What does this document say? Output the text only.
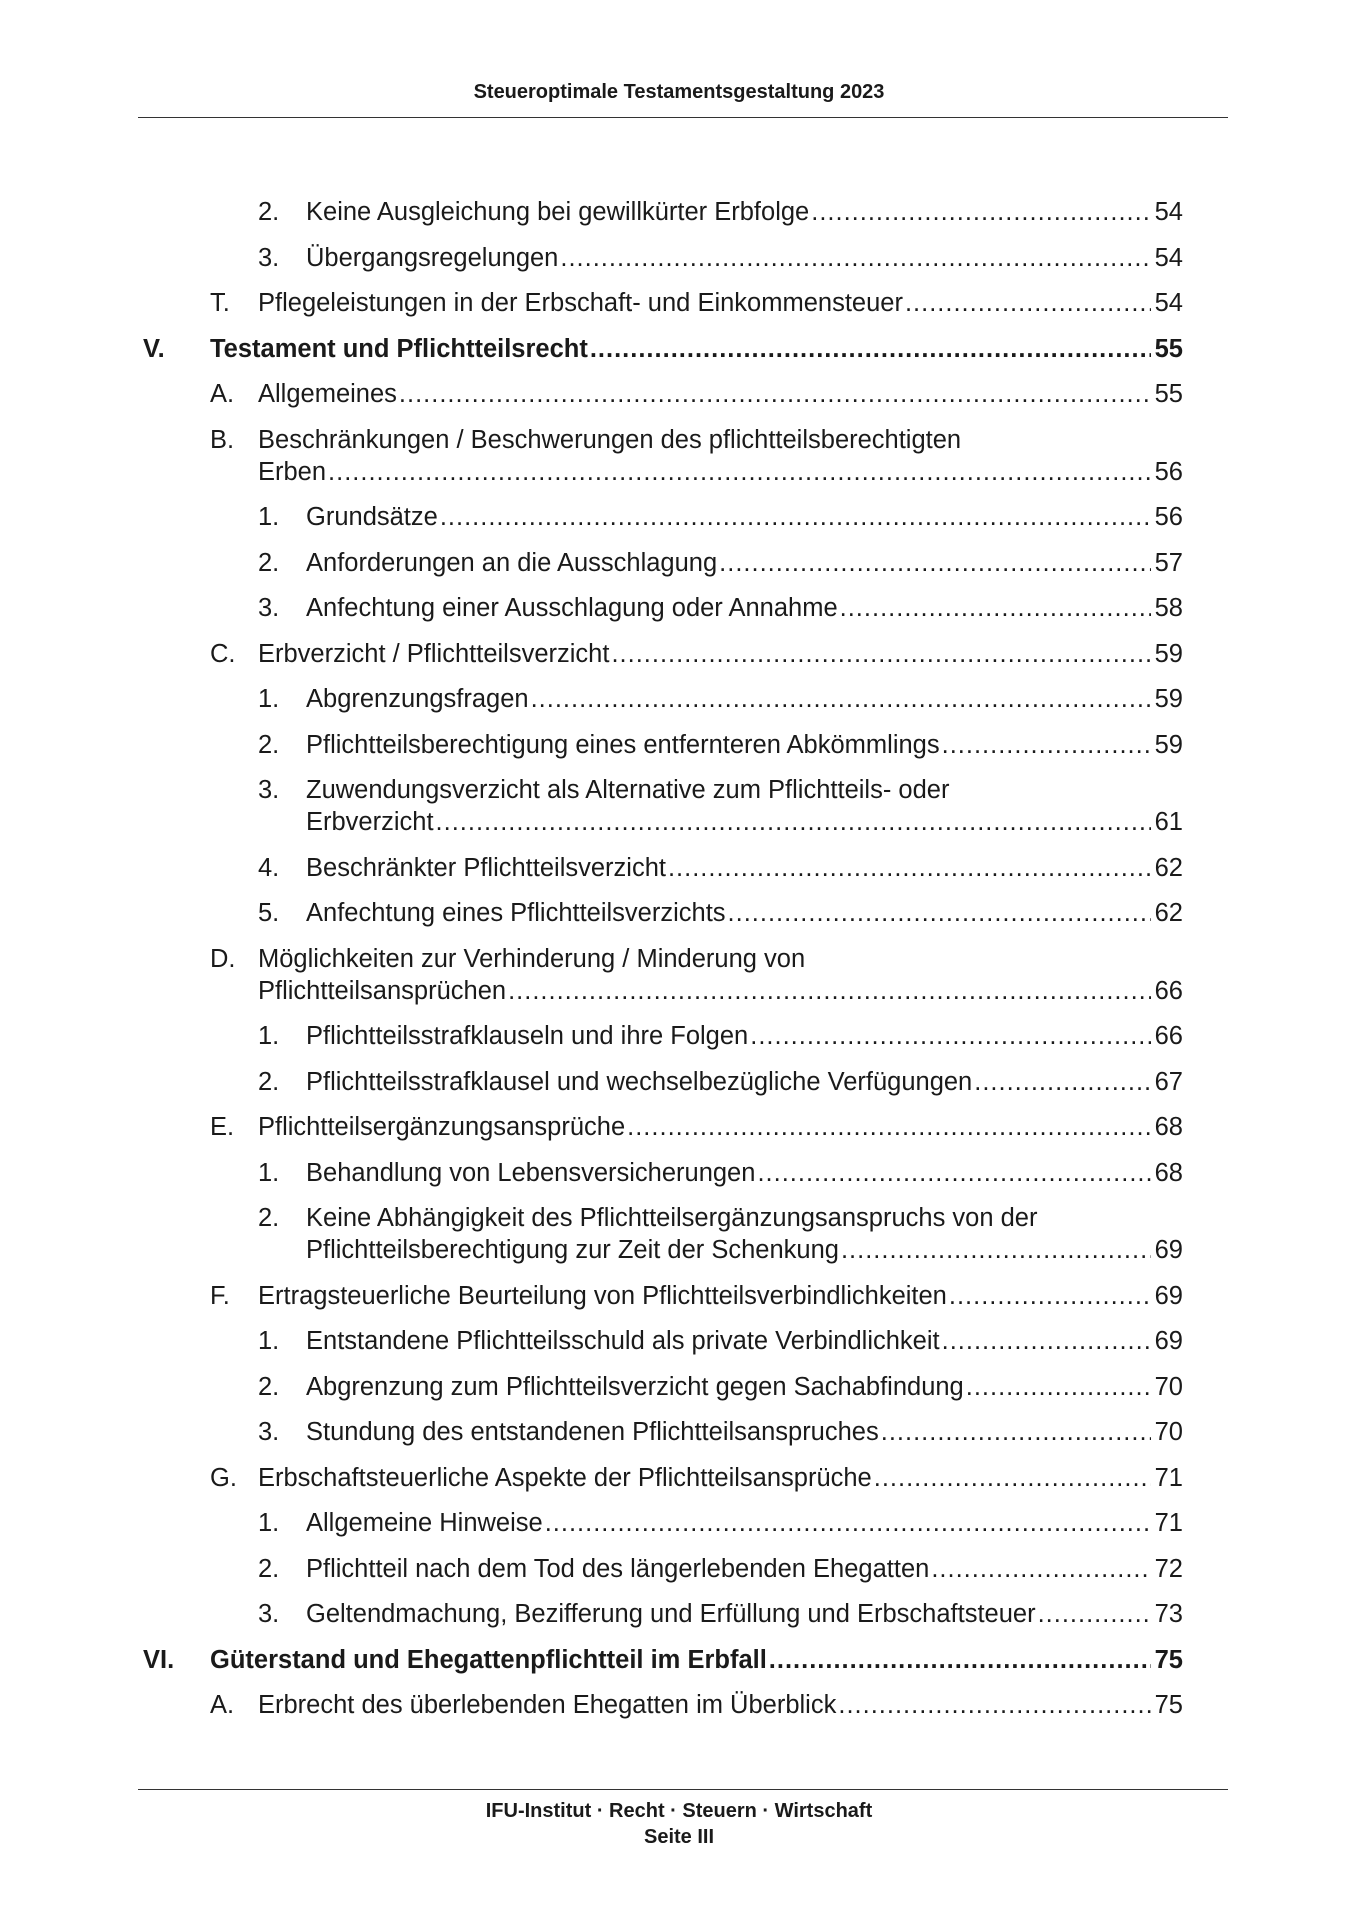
Steueroptimale Testamentsgestaltung 2023
2. Keine Ausgleichung bei gewillkürter Erbfolge .....	54
3. Übergangsregelungen .....	54
T. Pflegeleistungen in der Erbschaft- und Einkommensteuer .....	54
V. Testament und Pflichtteilsrecht .....	55
A. Allgemeines .....	55
B. Beschränkungen / Beschwerungen des pflichtteilsberechtigten
Erben .....	56
1. Grundsätze .....	56
2. Anforderungen an die Ausschlagung .....	57
3. Anfechtung einer Ausschlagung oder Annahme .....	58
C. Erbverzicht / Pflichtteilsverzicht .....	59
1. Abgrenzungsfragen .....	59
2. Pflichtteilsberechtigung eines entfernteren Abkömmlings .....	59
3. Zuwendungsverzicht als Alternative zum Pflichtteils- oder
Erbverzicht .....	61
4. Beschränkter Pflichtteilsverzicht .....	62
5. Anfechtung eines Pflichtteilsverzichts .....	62
D. Möglichkeiten zur Verhinderung / Minderung von
Pflichtteilsansprüchen .....	66
1. Pflichtteilsstrafklauseln und ihre Folgen .....	66
2. Pflichtteilsstrafklausel und wechselbezügliche Verfügungen .....	67
E. Pflichtteilsergänzungsansprüche .....	68
1. Behandlung von Lebensversicherungen .....	68
2. Keine Abhängigkeit des Pflichtteilsergänzungsanspruchs von der
Pflichtteilsberechtigung zur Zeit der Schenkung .....	69
F. Ertragsteuerliche Beurteilung von Pflichtteilsverbindlichkeiten .....	69
1. Entstandene Pflichtteilsschuld als private Verbindlichkeit .....	69
2. Abgrenzung zum Pflichtteilsverzicht gegen Sachabfindung .....	70
3. Stundung des entstandenen Pflichtteilsanspruches .....	70
G. Erbschaftsteuerliche Aspekte der Pflichtteilsansprüche .....	71
1. Allgemeine Hinweise .....	71
2. Pflichtteil nach dem Tod des längerlebenden Ehegatten .....	72
3. Geltendmachung, Bezifferung und Erfüllung und Erbschaftsteuer .....	73
VI. Güterstand und Ehegattenpflichtteil im Erbfall .....	75
A. Erbrecht des überlebenden Ehegatten im Überblick .....	75
IFU-Institut · Recht · Steuern · Wirtschaft
Seite III
